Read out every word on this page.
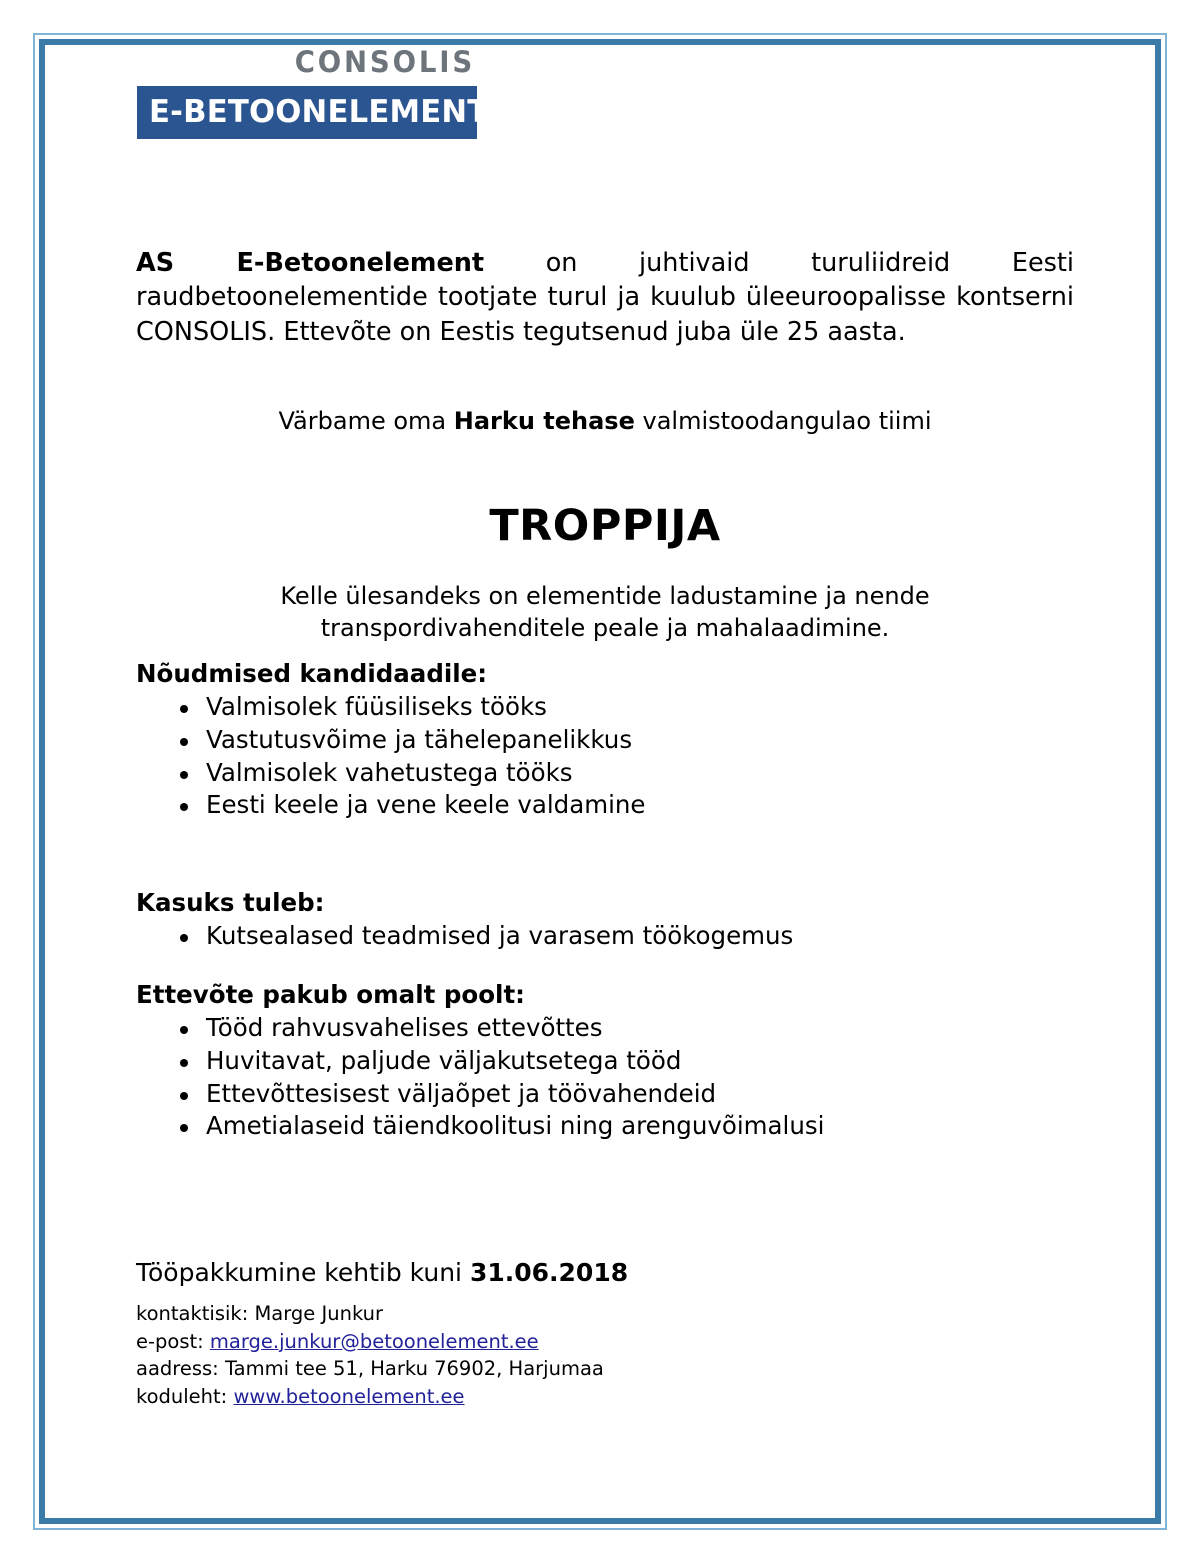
CONSOLIS
E-BETOONELEMENT

AS E-Betoonelement on juhtivaid turuliidreid Eesti raudbetoonelementide tootjate turul ja kuulub üleeuroopalisse kontserni CONSOLIS. Ettevõte on Eestis tegutsenud juba üle 25 aasta.

Värbame oma Harku tehase valmistoodangulao tiimi

TROPPIJA

Kelle ülesandeks on elementide ladustamine ja nende transpordivahenditele peale ja mahalaadimine.

Nõudmised kandidaadile:
Valmisolek füüsiliseks tööks
Vastutusvõime ja tähelepanelikkus
Valmisolek vahetustega tööks
Eesti keele ja vene keele valdamine
Kasuks tuleb:
Kutsealased teadmised ja varasem töökogemus
Ettevõte pakub omalt poolt:
Tööd rahvusvahelises ettevõttes
Huvitavat, paljude väljakutsetega tööd
Ettevõttesisest väljaõpet ja töövahendeid
Ametialaseid täiendkoolitusi ning arenguvõimalusi

Tööpakkumine kehtib kuni 31.06.2018

kontaktisik: Marge Junkur
e-post: marge.junkur@betoonelement.ee
aadress: Tammi tee 51, Harku 76902, Harjumaa
koduleht: www.betoonelement.ee
